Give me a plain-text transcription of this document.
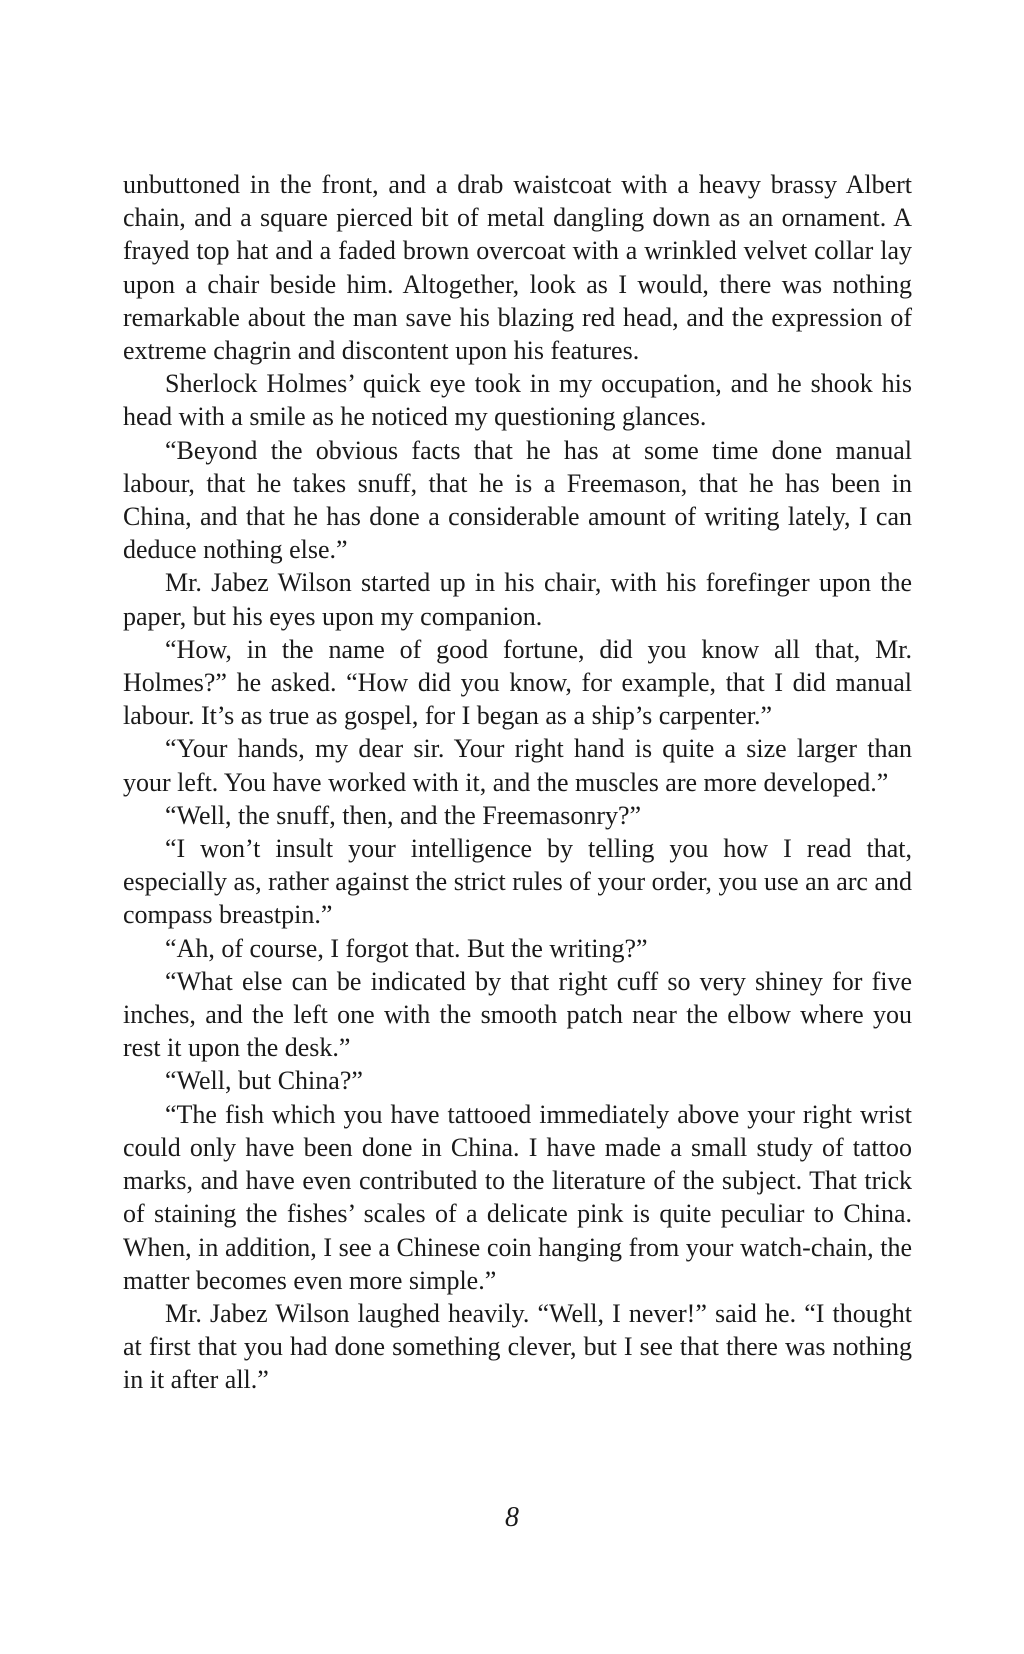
unbuttoned in the front, and a drab waistcoat with a heavy brassy Albert chain, and a square pierced bit of metal dangling down as an ornament. A frayed top hat and a faded brown overcoat with a wrinkled velvet collar lay upon a chair beside him. Altogether, look as I would, there was nothing remarkable about the man save his blazing red head, and the expression of extreme chagrin and discontent upon his features.

Sherlock Holmes’ quick eye took in my occupation, and he shook his head with a smile as he noticed my questioning glances.

“Beyond the obvious facts that he has at some time done manual labour, that he takes snuff, that he is a Freemason, that he has been in China, and that he has done a considerable amount of writing lately, I can deduce nothing else.”

Mr. Jabez Wilson started up in his chair, with his forefinger upon the paper, but his eyes upon my companion.

“How, in the name of good fortune, did you know all that, Mr. Holmes?” he asked. “How did you know, for example, that I did manual labour. It’s as true as gospel, for I began as a ship’s carpenter.”

“Your hands, my dear sir. Your right hand is quite a size larger than your left. You have worked with it, and the muscles are more developed.”

“Well, the snuff, then, and the Freemasonry?”

“I won’t insult your intelligence by telling you how I read that, especially as, rather against the strict rules of your order, you use an arc and compass breastpin.”

“Ah, of course, I forgot that. But the writing?”

“What else can be indicated by that right cuff so very shiney for five inches, and the left one with the smooth patch near the elbow where you rest it upon the desk.”

“Well, but China?”

“The fish which you have tattooed immediately above your right wrist could only have been done in China. I have made a small study of tattoo marks, and have even contributed to the literature of the subject. That trick of staining the fishes’ scales of a delicate pink is quite peculiar to China. When, in addition, I see a Chinese coin hanging from your watch-chain, the matter becomes even more simple.”

Mr. Jabez Wilson laughed heavily. “Well, I never!” said he. “I thought at first that you had done something clever, but I see that there was nothing in it after all.”

8
